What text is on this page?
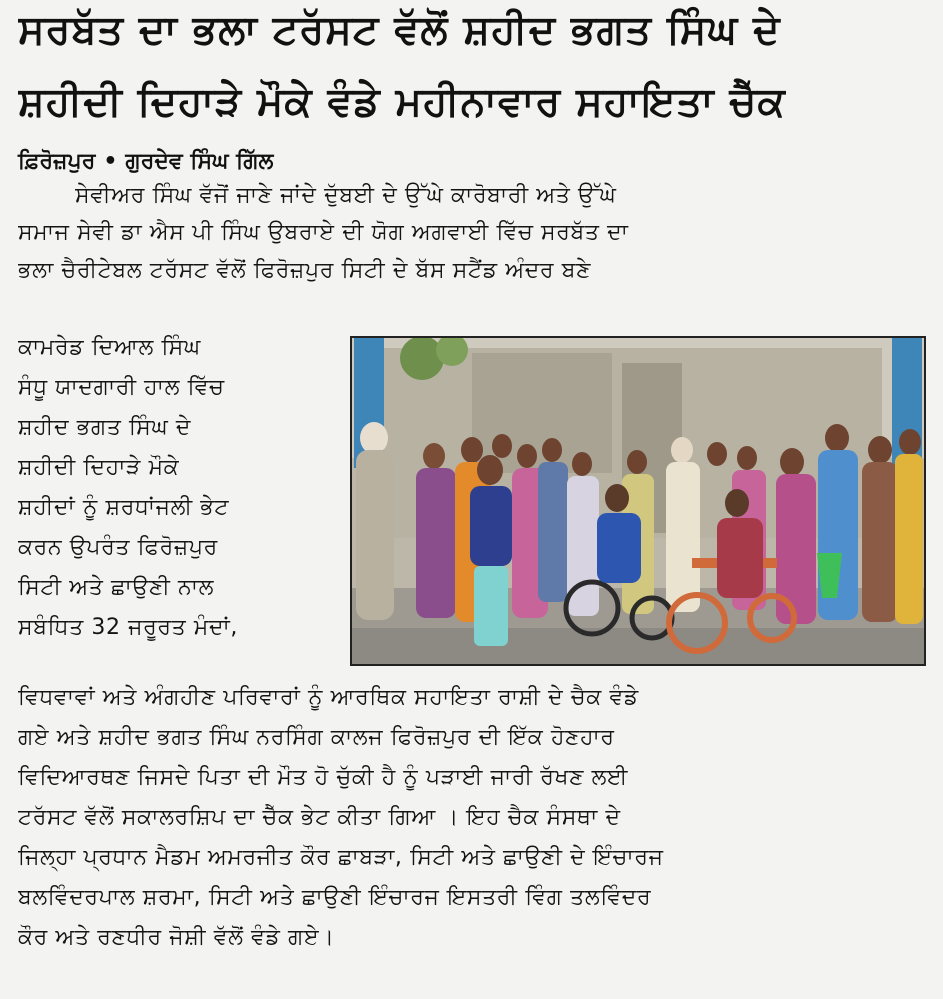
ਸਰਬੱਤ ਦਾ ਭਲਾ ਟਰੱਸਟ ਵੱਲੋਂ ਸ਼ਹੀਦ ਭਗਤ ਸਿੰਘ ਦੇ
ਸ਼ਹੀਦੀ ਦਿਹਾੜੇ ਮੌਕੇ ਵੰਡੇ ਮਹੀਨਾਵਾਰ ਸਹਾਇਤਾ ਚੈੱਕ
ਫ਼ਿਰੋਜ਼ਪੁਰ • ਗੁਰਦੇਵ ਸਿੰਘ ਗਿੱਲ
ਸੇਵੀਅਰ ਸਿੰਘ ਵੱਜੋਂ ਜਾਣੇ ਜਾਂਦੇ ਦੁੱਬਈ ਦੇ ਉੱਘੇ ਕਾਰੋਬਾਰੀ ਅਤੇ ਉੱਘੇ
ਸਮਾਜ ਸੇਵੀ ਡਾ ਐਸ ਪੀ ਸਿੰਘ ਉਬਰਾਏ ਦੀ ਯੋਗ ਅਗਵਾਈ ਵਿੱਚ ਸਰਬੱਤ ਦਾ
ਭਲਾ ਚੈਰੀਟੇਬਲ ਟਰੱਸਟ ਵੱਲੋਂ ਫਿਰੋਜ਼ਪੁਰ ਸਿਟੀ ਦੇ ਬੱਸ ਸਟੈਂਡ ਅੰਦਰ ਬਣੇ
ਕਾਮਰੇਡ ਦਿਆਲ ਸਿੰਘ
ਸੰਧੂ ਯਾਦਗਾਰੀ ਹਾਲ ਵਿੱਚ
ਸ਼ਹੀਦ ਭਗਤ ਸਿੰਘ ਦੇ
ਸ਼ਹੀਦੀ ਦਿਹਾੜੇ ਮੌਕੇ
ਸ਼ਹੀਦਾਂ ਨੂੰ ਸ਼ਰਧਾਂਜਲੀ ਭੇਟ
ਕਰਨ ਉਪਰੰਤ ਫਿਰੋਜ਼ਪੁਰ
ਸਿਟੀ ਅਤੇ ਛਾਉਣੀ ਨਾਲ
ਸਬੰਧਿਤ 32 ਜਰੂਰਤ ਮੰਦਾਂ,
ਵਿਧਵਾਵਾਂ ਅਤੇ ਅੰਗਹੀਣ ਪਰਿਵਾਰਾਂ ਨੂੰ ਆਰਥਿਕ ਸਹਾਇਤਾ ਰਾਸ਼ੀ ਦੇ ਚੈਕ ਵੰਡੇ
ਗਏ ਅਤੇ ਸ਼ਹੀਦ ਭਗਤ ਸਿੰਘ ਨਰਸਿੰਗ ਕਾਲਜ ਫਿਰੋਜ਼ਪੁਰ ਦੀ ਇੱਕ ਹੋਣਹਾਰ
ਵਿਦਿਆਰਥਣ ਜਿਸਦੇ ਪਿਤਾ ਦੀ ਮੌਤ ਹੋ ਚੁੱਕੀ ਹੈ ਨੂੰ ਪੜਾਈ ਜਾਰੀ ਰੱਖਣ ਲਈ
ਟਰੱਸਟ ਵੱਲੋਂ ਸਕਾਲਰਸ਼ਿਪ ਦਾ ਚੈੱਕ ਭੇਟ ਕੀਤਾ ਗਿਆ । ਇਹ ਚੈਕ ਸੰਸਥਾ ਦੇ
ਜਿਲ੍ਹਾ ਪ੍ਰਧਾਨ ਮੈਡਮ ਅਮਰਜੀਤ ਕੌਰ ਛਾਬੜਾ, ਸਿਟੀ ਅਤੇ ਛਾਉਣੀ ਦੇ ਇੰਚਾਰਜ
ਬਲਵਿੰਦਰਪਾਲ ਸ਼ਰਮਾ, ਸਿਟੀ ਅਤੇ ਛਾਉਣੀ ਇੰਚਾਰਜ ਇਸਤਰੀ ਵਿੰਗ ਤਲਵਿੰਦਰ
ਕੌਰ ਅਤੇ ਰਣਧੀਰ ਜੋਸ਼ੀ ਵੱਲੋਂ ਵੰਡੇ ਗਏ।
